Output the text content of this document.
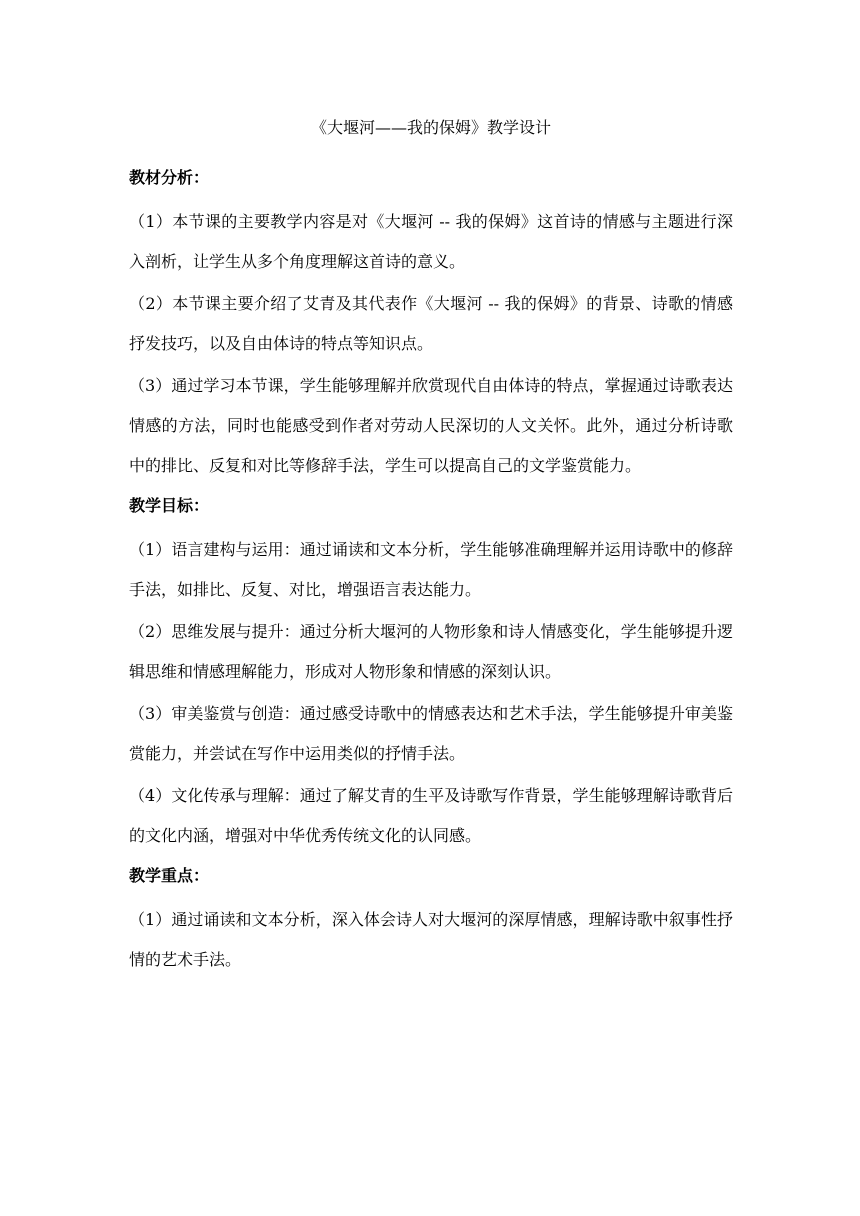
《大堰河——我的保姆》教学设计
教材分析：

（1）本节课的主要教学内容是对《大堰河 -- 我的保姆》这首诗的情感与主题进行深入剖析，让学生从多个角度理解这首诗的意义。

（2）本节课主要介绍了艾青及其代表作《大堰河 -- 我的保姆》的背景、诗歌的情感抒发技巧，以及自由体诗的特点等知识点。

（3）通过学习本节课，学生能够理解并欣赏现代自由体诗的特点，掌握通过诗歌表达情感的方法，同时也能感受到作者对劳动人民深切的人文关怀。此外，通过分析诗歌中的排比、反复和对比等修辞手法，学生可以提高自己的文学鉴赏能力。

教学目标：

（1）语言建构与运用：通过诵读和文本分析，学生能够准确理解并运用诗歌中的修辞手法，如排比、反复、对比，增强语言表达能力。

（2）思维发展与提升：通过分析大堰河的人物形象和诗人情感变化，学生能够提升逻辑思维和情感理解能力，形成对人物形象和情感的深刻认识。

（3）审美鉴赏与创造：通过感受诗歌中的情感表达和艺术手法，学生能够提升审美鉴赏能力，并尝试在写作中运用类似的抒情手法。

（4）文化传承与理解：通过了解艾青的生平及诗歌写作背景，学生能够理解诗歌背后的文化内涵，增强对中华优秀传统文化的认同感。

教学重点：

（1）通过诵读和文本分析，深入体会诗人对大堰河的深厚情感，理解诗歌中叙事性抒情的艺术手法。
